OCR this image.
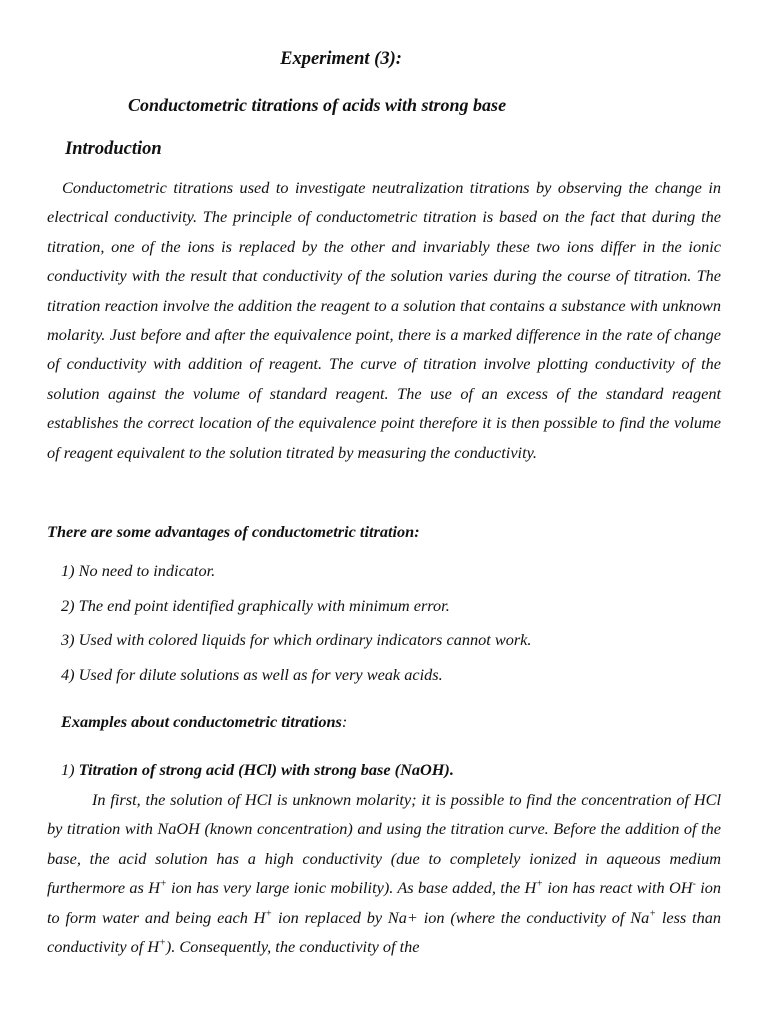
Experiment (3):
Conductometric titrations of acids with strong base
Introduction

Conductometric titrations used to investigate neutralization titrations by observing the change in electrical conductivity. The principle of conductometric titration is based on the fact that during the titration, one of the ions is replaced by the other and invariably these two ions differ in the ionic conductivity with the result that conductivity of the solution varies during the course of titration. The titration reaction involve the addition the reagent to a solution that contains a substance with unknown molarity. Just before and after the equivalence point, there is a marked difference in the rate of change of conductivity with addition of reagent. The curve of titration involve plotting conductivity of the solution against the volume of standard reagent. The use of an excess of the standard reagent establishes the correct location of the equivalence point therefore it is then possible to find the volume of reagent equivalent to the solution titrated by measuring the conductivity.

There are some advantages of conductometric titration:
1) No need to indicator.
2) The end point identified graphically with minimum error.
3) Used with colored liquids for which ordinary indicators cannot work.
4) Used for dilute solutions as well as for very weak acids.
Examples about conductometric titrations:
1) Titration of strong acid (HCl) with strong base (NaOH).

In first, the solution of HCl is unknown molarity; it is possible to find the concentration of HCl by titration with NaOH (known concentration) and using the titration curve. Before the addition of the base, the acid solution has a high conductivity (due to completely ionized in aqueous medium furthermore as H+ ion has very large ionic mobility). As base added, the H+ ion has react with OH- ion to form water and being each H+ ion replaced by Na+ ion (where the conductivity of Na+ less than conductivity of H+). Consequently, the conductivity of the
